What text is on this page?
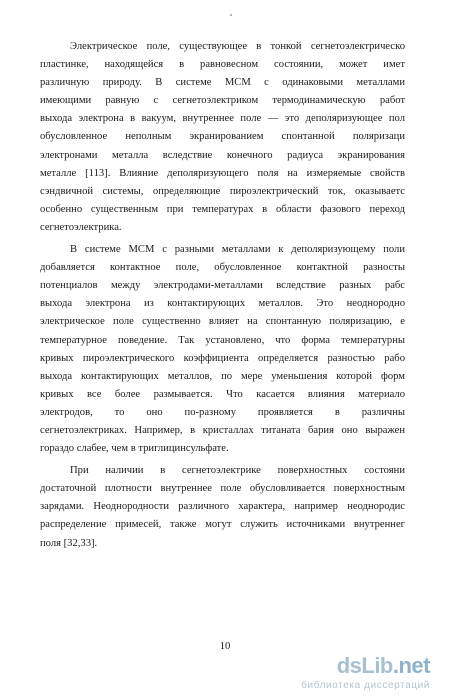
Электрическое поле, существующее в тонкой сегнетоэлектрическо
пластинке, находящейся в равновесном состоянии, может имет
различную природу. В системе МСМ с одинаковыми металлами
имеющими равную с сегнетоэлектриком термодинамическую работ
выхода электрона в вакуум, внутреннее поле — это деполяризующее пол
обусловленное неполным экранированием спонтанной поляризаци
электронами металла вследствие конечного радиуса экранирования
металле [113]. Влияние деполяризующего поля на измеряемые свойств
сэндвичной системы, определяющие пироэлектрический ток, оказываетс
особенно существенным при температурах в области фазового переход
сегнетоэлектрика.
В системе МСМ с разными металлами к деполяризующему поли
добавляется контактное поле, обусловленное контактной разносты
потенциалов между электродами-металлами вследствие разных рабс
выхода электрона из контактирующих металлов. Это неоднородно
электрическое поле существенно влияет на спонтанную поляризацию, е
температурное поведение. Так установлено, что форма температурны
кривых пироэлектрического коэффициента определяется разностью рабо
выхода контактирующих металлов, по мере уменьшения которой форм
кривых все более размывается. Что касается влияния материало
электродов, то оно по-разному проявляется в различны
сегнетоэлектриках. Например, в кристаллах титаната бария оно выражен
гораздо слабее, чем в триглицинсульфате.
При наличии в сегнетоэлектрике поверхностных состояни
достаточной плотности внутреннее поле обусловливается поверхностным
зарядами. Неоднородности различного характера, например неоднородис
распределение примесей, также могут служить источниками внутреннег
поля [32,33].
10
dsLib.net
библиотека диссертаций
